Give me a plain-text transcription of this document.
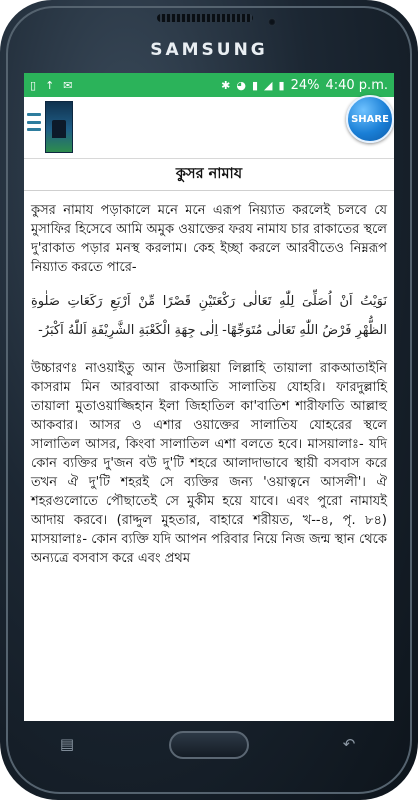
SAMSUNG
▯ ↑ ✉	✱ ◕ ▮ ◢ ▮ 24% 4:40 p.m.
SHARE
কুসর নামায

কুসর নামায পড়াকালে মনে মনে এরূপ নিয়্যাত করলেই চলবে যে মুসাফির হিসেবে আমি অমুক ওয়াক্তের ফরয নামায চার রাকাতের স্থলে দু'রাকাত পড়ার মনস্থ করলাম। কেহ ইচ্ছা করলে আরবীতেও নিম্নরূপ নিয়্যাত করতে পারে-

نَوَيْتُ اَنْ اُصَلِّىَ لِلّٰهِ تَعَالٰى رَكْعَتَيْنِ قَصْرًا مِّنْ اَرْبَعِ رَكَعَاتِ صَلٰوةِ الظُّهْرِ فَرْضُ اللّٰهِ تَعَالٰى مُتَوَجِّهًا- اِلٰى جِهَةِ الْكَعْبَةِ الشَّرِيْفَةِ اَللّٰهُ اَكْبَرُ-

উচ্চারণঃ নাওয়াইতু আন উসাল্লিয়া লিল্লাহি তায়ালা রাকআতাইনি কাসরাম মিন আরবাআ রাকআতি সালাতিয় যোহরি। ফারদুল্লাহি তায়ালা মুতাওয়াজ্জিহান ইলা জিহাতিল কা'বাতিশ শারীফাতি আল্লাহু আকবার। আসর ও এশার ওয়াক্তের সালাতিয যোহরের স্থলে সালাতিল আসর, কিংবা সালাতিল এশা বলতে হবে। মাসয়ালাঃ- যদি কোন ব্যক্তির দু'জন বউ দু'টি শহরে আলাদাভাবে স্থায়ী বসবাস করে তখন ঐ দু'টি শহরই সে ব্যক্তির জন্য 'ওয়াত্বনে আসলী'। ঐ শহরগুলোতে পৌছাতেই সে মুকীম হয়ে যাবে। এবং পুরো নামাযই আদায় করবে। (রাদ্দুল মুহতার, বাহারে শরীয়ত, খ--৪, পৃ. ৮৪) মাসয়ালাঃ- কোন ব্যক্তি যদি আপন পরিবার নিয়ে নিজ জন্ম স্থান থেকে অন্যত্রে বসবাস করে এবং প্রথম

▤	↶
